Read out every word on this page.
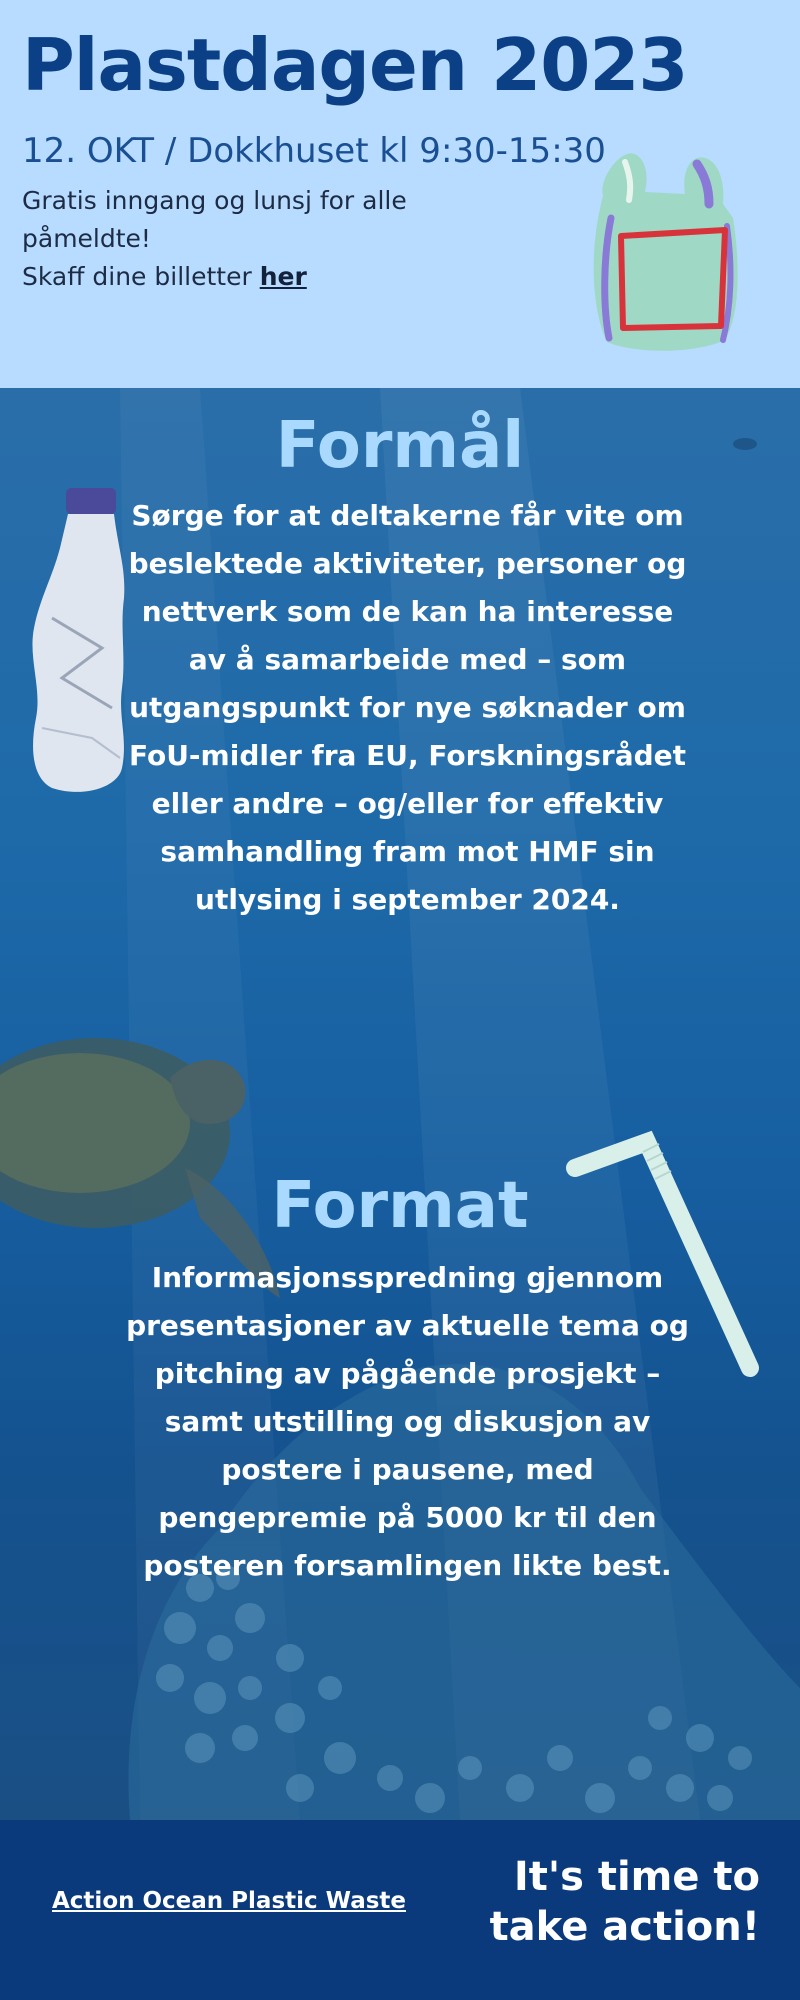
Plastdagen 2023
12. OKT / Dokkhuset kl 9:30-15:30

Gratis inngang og lunsj for alle påmeldte!

Skaff dine billetter her

Formål
Sørge for at deltakerne får vite om beslektede aktiviteter, personer og nettverk som de kan ha interesse av å samarbeide med – som utgangspunkt for nye søknader om FoU-midler fra EU, Forskningsrådet eller andre – og/eller for effektiv samhandling fram mot HMF sin utlysing i september 2024.
Format
Informasjonsspredning gjennom presentasjoner av aktuelle tema og pitching av pågående prosjekt – samt utstilling og diskusjon av postere i pausene, med pengepremie på 5000 kr til den posteren forsamlingen likte best.
Action Ocean Plastic Waste
It's time to take action!
